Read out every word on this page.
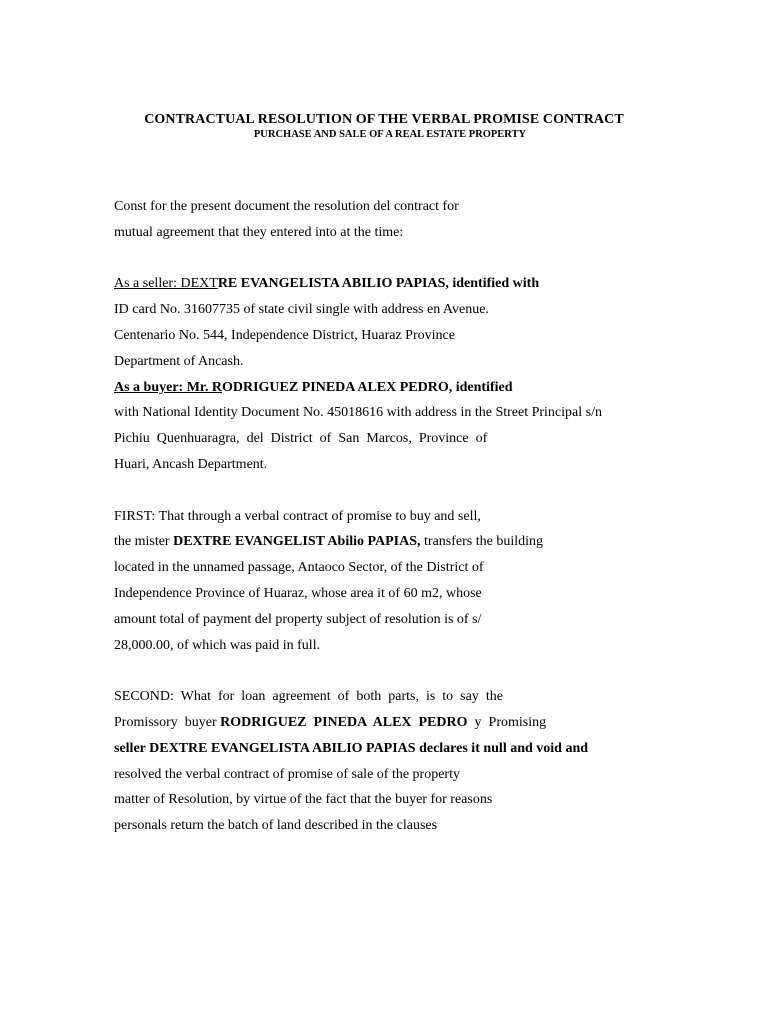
CONTRACTUAL RESOLUTION OF THE VERBAL PROMISE CONTRACT
PURCHASE AND SALE OF A REAL ESTATE PROPERTY
Const for the present document the resolution del contract for
mutual agreement that they entered into at the time:
As a seller: DEXTRE EVANGELISTA ABILIO PAPIAS, identified with
ID card No. 31607735 of state civil single with address en Avenue.
Centenario No. 544, Independence District, Huaraz Province
Department of Ancash.
As a buyer: Mr. RODRIGUEZ PINEDA ALEX PEDRO, identified
with National Identity Document No. 45018616 with address in the Street Principal s/n
Pichiu  Quenhuaragra,  del  District  of  San  Marcos,  Province  of
Huari, Ancash Department.
FIRST: That through a verbal contract of promise to buy and sell,
the mister DEXTRE EVANGELIST Abilio PAPIAS, transfers the building
located in the unnamed passage, Antaoco Sector, of the District of
Independence Province of Huaraz, whose area it of 60 m2, whose
amount total of payment del property subject of resolution is of s/
28,000.00, of which was paid in full.
SECOND:  What  for  loan  agreement  of  both  parts,  is  to  say  the
Promissory  buyer RODRIGUEZ  PINEDA  ALEX  PEDRO  y  Promising
seller DEXTRE EVANGELISTA ABILIO PAPIAS declares it null and void and
resolved the verbal contract of promise of sale of the property
matter of Resolution, by virtue of the fact that the buyer for reasons
personals return the batch of land described in the clauses
